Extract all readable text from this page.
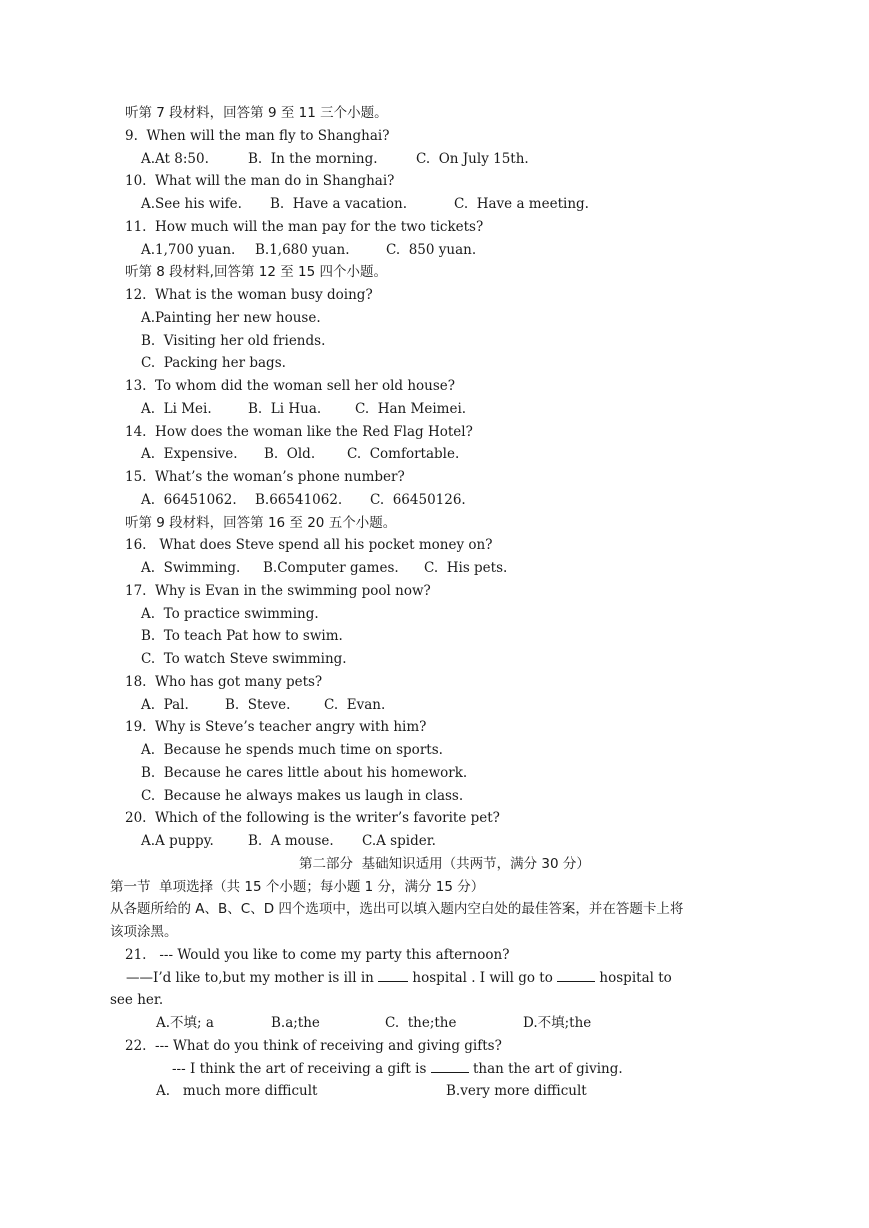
听第 7 段材料，回答第 9 至 11 三个小题。
9.  When will the man fly to Shanghai?
A.At 8:50.	B.  In the morning.	C.  On July 15th.
10.  What will the man do in Shanghai?
A.See his wife. B.  Have a vacation.	C.  Have a meeting.
11.  How much will the man pay for the two tickets?
A.1,700 yuan. B.1,680 yuan.	C.  850 yuan.
听第 8 段材料,回答第 12 至 15 四个小题。
12.  What is the woman busy doing?
A.Painting her new house.
B.  Visiting her old friends.
C.  Packing her bags.
13.  To whom did the woman sell her old house?
A.  Li Mei.	B.  Li Hua.	C.  Han Meimei.
14.  How does the woman like the Red Flag Hotel?
A.  Expensive. B.  Old. C.  Comfortable.
15.  What’s the woman’s phone number?
A.  66451062. B.66541062. C.  66450126.
听第 9 段材料，回答第 16 至 20 五个小题。
16.   What does Steve spend all his pocket money on?
A.  Swimming. B.Computer games. C.  His pets.
17.  Why is Evan in the swimming pool now?
A.  To practice swimming.
B.  To teach Pat how to swim.
C.  To watch Steve swimming.
18.  Who has got many pets?
A.  Pal.	B.  Steve. C.  Evan.
19.  Why is Steve’s teacher angry with him?
A.  Because he spends much time on sports.
B.  Because he cares little about his homework.
C.  Because he always makes us laugh in class.
20.  Which of the following is the writer’s favorite pet?
A.A puppy.	B.  A mouse. C.A spider.
第二部分  基础知识适用（共两节，满分 30 分）
第一节  单项选择（共 15 个小题；每小题 1 分，满分 15 分）
从各题所给的 A、B、C、D 四个选项中，选出可以填入题内空白处的最佳答案，并在答题卡上将
该项涂黑。
21.   --- Would you like to come my party this afternoon?
——I’d like to,but my mother is ill in  hospital . I will go to	hospital to
see her.
A.不填; a	B.a;the	C.  the;the	D.不填;the
22.  --- What do you think of receiving and giving gifts?
--- I think the art of receiving a gift is	than the art of giving.
A.   much more difficult	B.very more difficult
